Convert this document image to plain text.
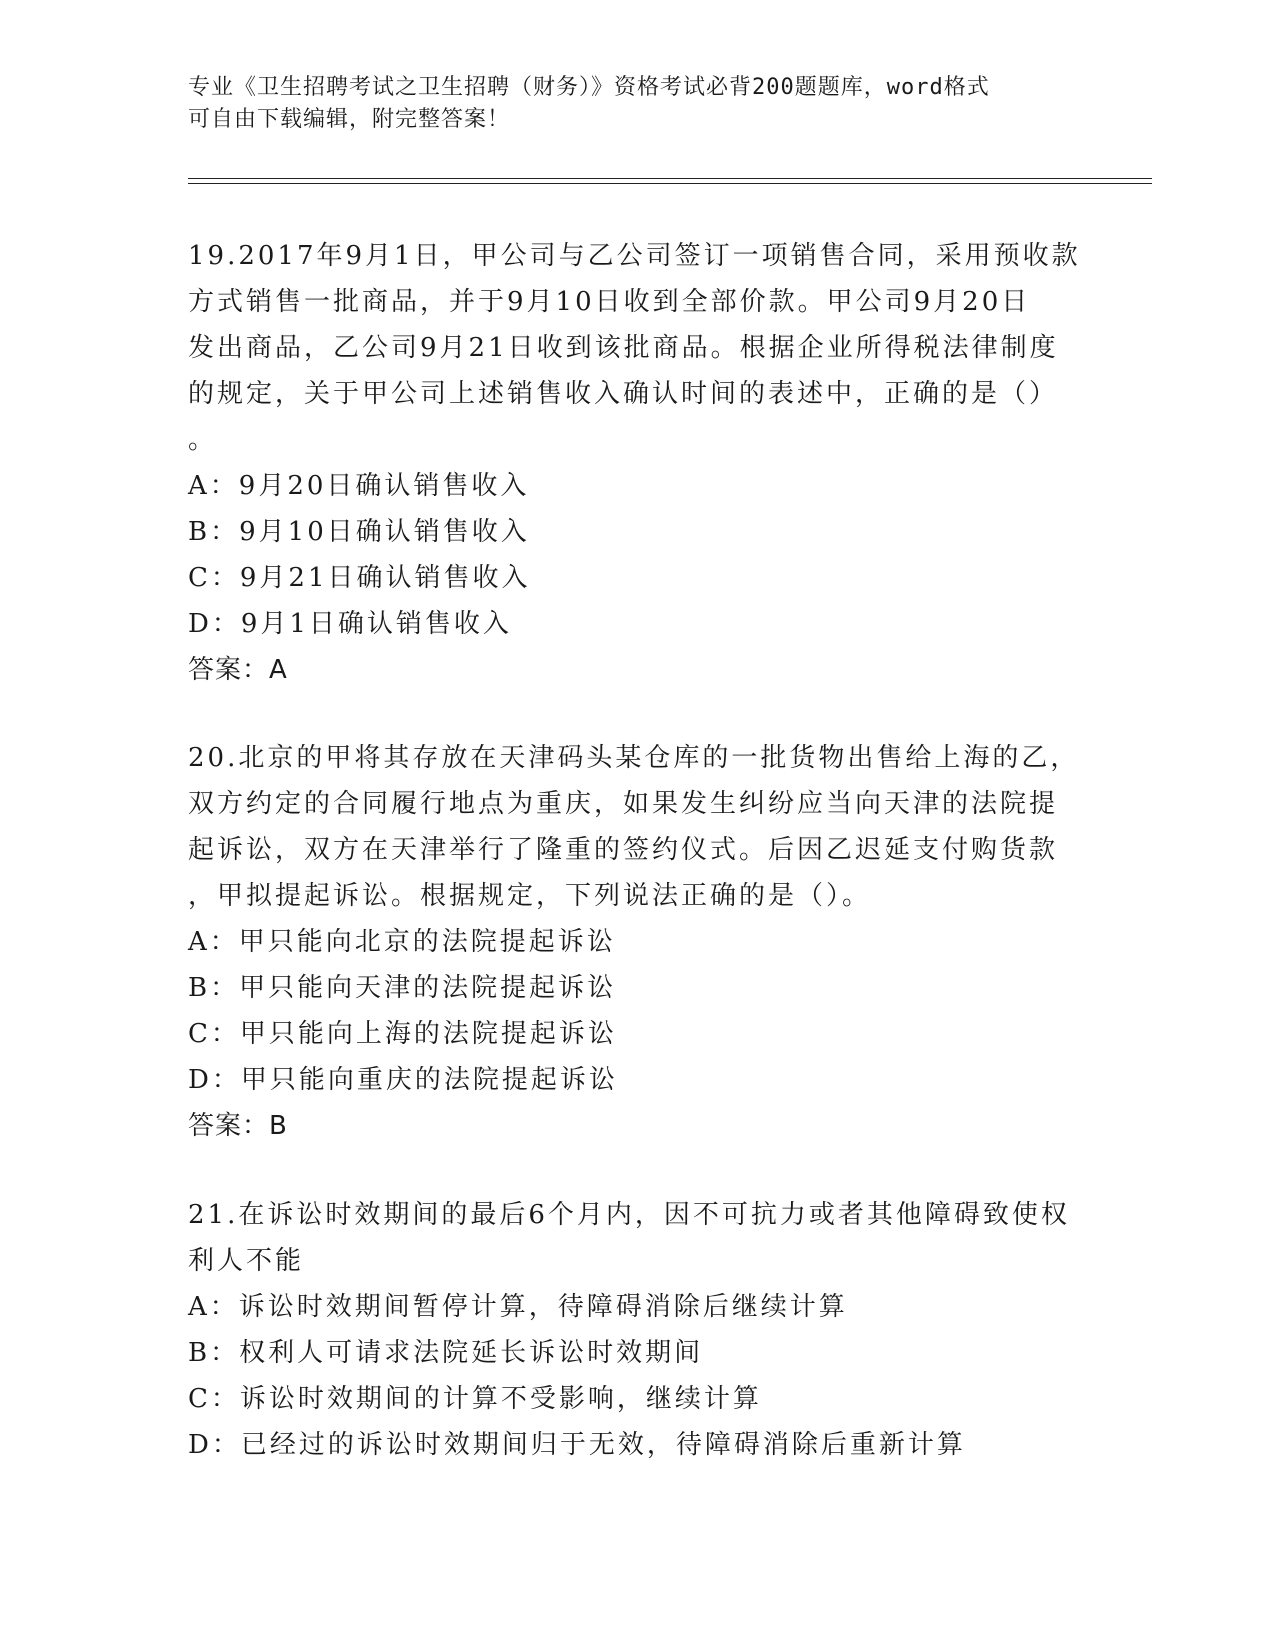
专业《卫生招聘考试之卫生招聘（财务）》资格考试必背200题题库，word格式
可自由下载编辑，附完整答案！
19.2017年9月1日，甲公司与乙公司签订一项销售合同，采用预收款
方式销售一批商品，并于9月10日收到全部价款。甲公司9月20日
发出商品，乙公司9月21日收到该批商品。根据企业所得税法律制度
的规定，关于甲公司上述销售收入确认时间的表述中，正确的是（）
。
A：9月20日确认销售收入
B：9月10日确认销售收入
C：9月21日确认销售收入
D：9月1日确认销售收入
答案：A
20.北京的甲将其存放在天津码头某仓库的一批货物出售给上海的乙，
双方约定的合同履行地点为重庆，如果发生纠纷应当向天津的法院提
起诉讼，双方在天津举行了隆重的签约仪式。后因乙迟延支付购货款
，甲拟提起诉讼。根据规定，下列说法正确的是（）。
A：甲只能向北京的法院提起诉讼
B：甲只能向天津的法院提起诉讼
C：甲只能向上海的法院提起诉讼
D：甲只能向重庆的法院提起诉讼
答案：B
21.在诉讼时效期间的最后6个月内，因不可抗力或者其他障碍致使权
利人不能
A：诉讼时效期间暂停计算，待障碍消除后继续计算
B：权利人可请求法院延长诉讼时效期间
C：诉讼时效期间的计算不受影响，继续计算
D：已经过的诉讼时效期间归于无效，待障碍消除后重新计算
